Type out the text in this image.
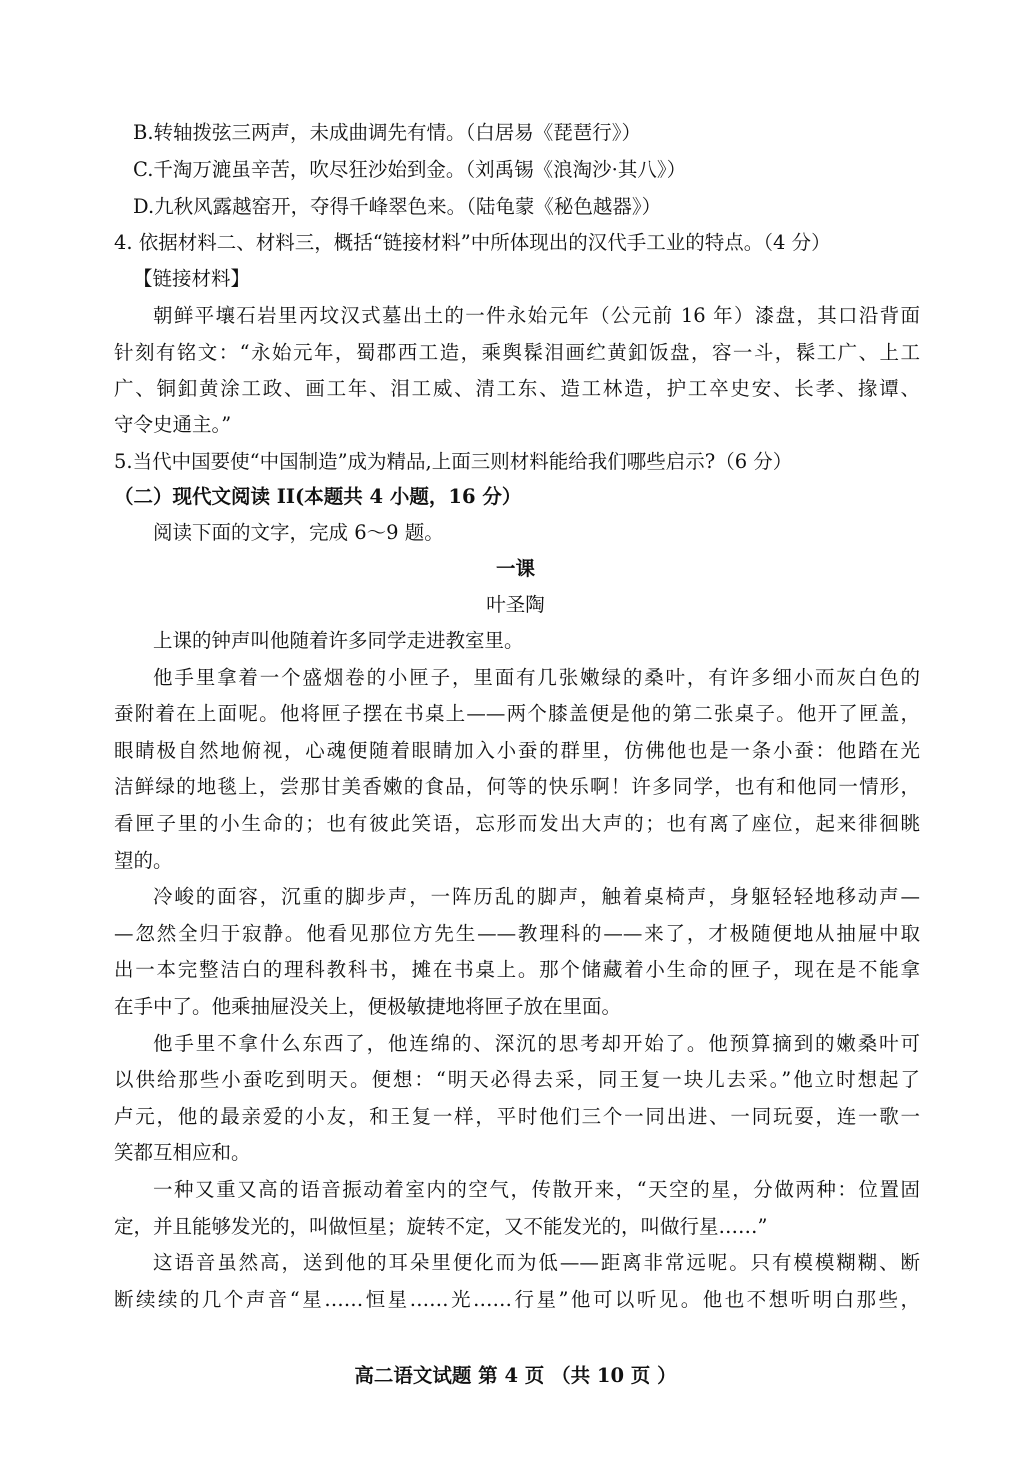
B.转轴拨弦三两声，未成曲调先有情。（白居易《琵琶行》）
C.千淘万漉虽辛苦，吹尽狂沙始到金。（刘禹锡《浪淘沙·其八》）
D.九秋风露越窑开，夺得千峰翠色来。（陆龟蒙《秘色越器》）
4. 依据材料二、材料三，概括“链接材料”中所体现出的汉代手工业的特点。（4 分）
【链接材料】
朝鲜平壤石岩里丙坟汉式墓出土的一件永始元年（公元前 16 年）漆盘，其口沿背面
针刻有铭文：“永始元年，蜀郡西工造，乘舆髹泪画纻黄釦饭盘，容一斗，髹工广、上工
广、铜釦黄涂工政、画工年、泪工威、清工东、造工林造，护工卒史安、长孝、掾谭、
守令史通主。”
5.当代中国要使“中国制造”成为精品,上面三则材料能给我们哪些启示?（6 分）
（二）现代文阅读 II(本题共 4 小题，16 分）
阅读下面的文字，完成 6～9 题。
一课
叶圣陶
上课的钟声叫他随着许多同学走进教室里。
他手里拿着一个盛烟卷的小匣子，里面有几张嫩绿的桑叶，有许多细小而灰白色的
蚕附着在上面呢。他将匣子摆在书桌上——两个膝盖便是他的第二张桌子。他开了匣盖，
眼睛极自然地俯视，心魂便随着眼睛加入小蚕的群里，仿佛他也是一条小蚕：他踏在光
洁鲜绿的地毯上，尝那甘美香嫩的食品，何等的快乐啊！许多同学，也有和他同一情形，
看匣子里的小生命的；也有彼此笑语，忘形而发出大声的；也有离了座位，起来徘徊眺
望的。
冷峻的面容，沉重的脚步声，一阵历乱的脚声，触着桌椅声，身躯轻轻地移动声—
—忽然全归于寂静。他看见那位方先生——教理科的——来了，才极随便地从抽屉中取
出一本完整洁白的理科教科书，摊在书桌上。那个储藏着小生命的匣子，现在是不能拿
在手中了。他乘抽屉没关上，便极敏捷地将匣子放在里面。
他手里不拿什么东西了，他连绵的、深沉的思考却开始了。他预算摘到的嫩桑叶可
以供给那些小蚕吃到明天。便想：“明天必得去采，同王复一块儿去采。”他立时想起了
卢元，他的最亲爱的小友，和王复一样，平时他们三个一同出进、一同玩耍，连一歌一
笑都互相应和。
一种又重又高的语音振动着室内的空气，传散开来，“天空的星，分做两种：位置固
定，并且能够发光的，叫做恒星；旋转不定，又不能发光的，叫做行星……”
这语音虽然高，送到他的耳朵里便化而为低——距离非常远呢。只有模模糊糊、断
断续续的几个声音“星……恒星……光……行星”他可以听见。他也不想听明白那些，
高二语文试题 第 4 页 （共 10 页 ）
